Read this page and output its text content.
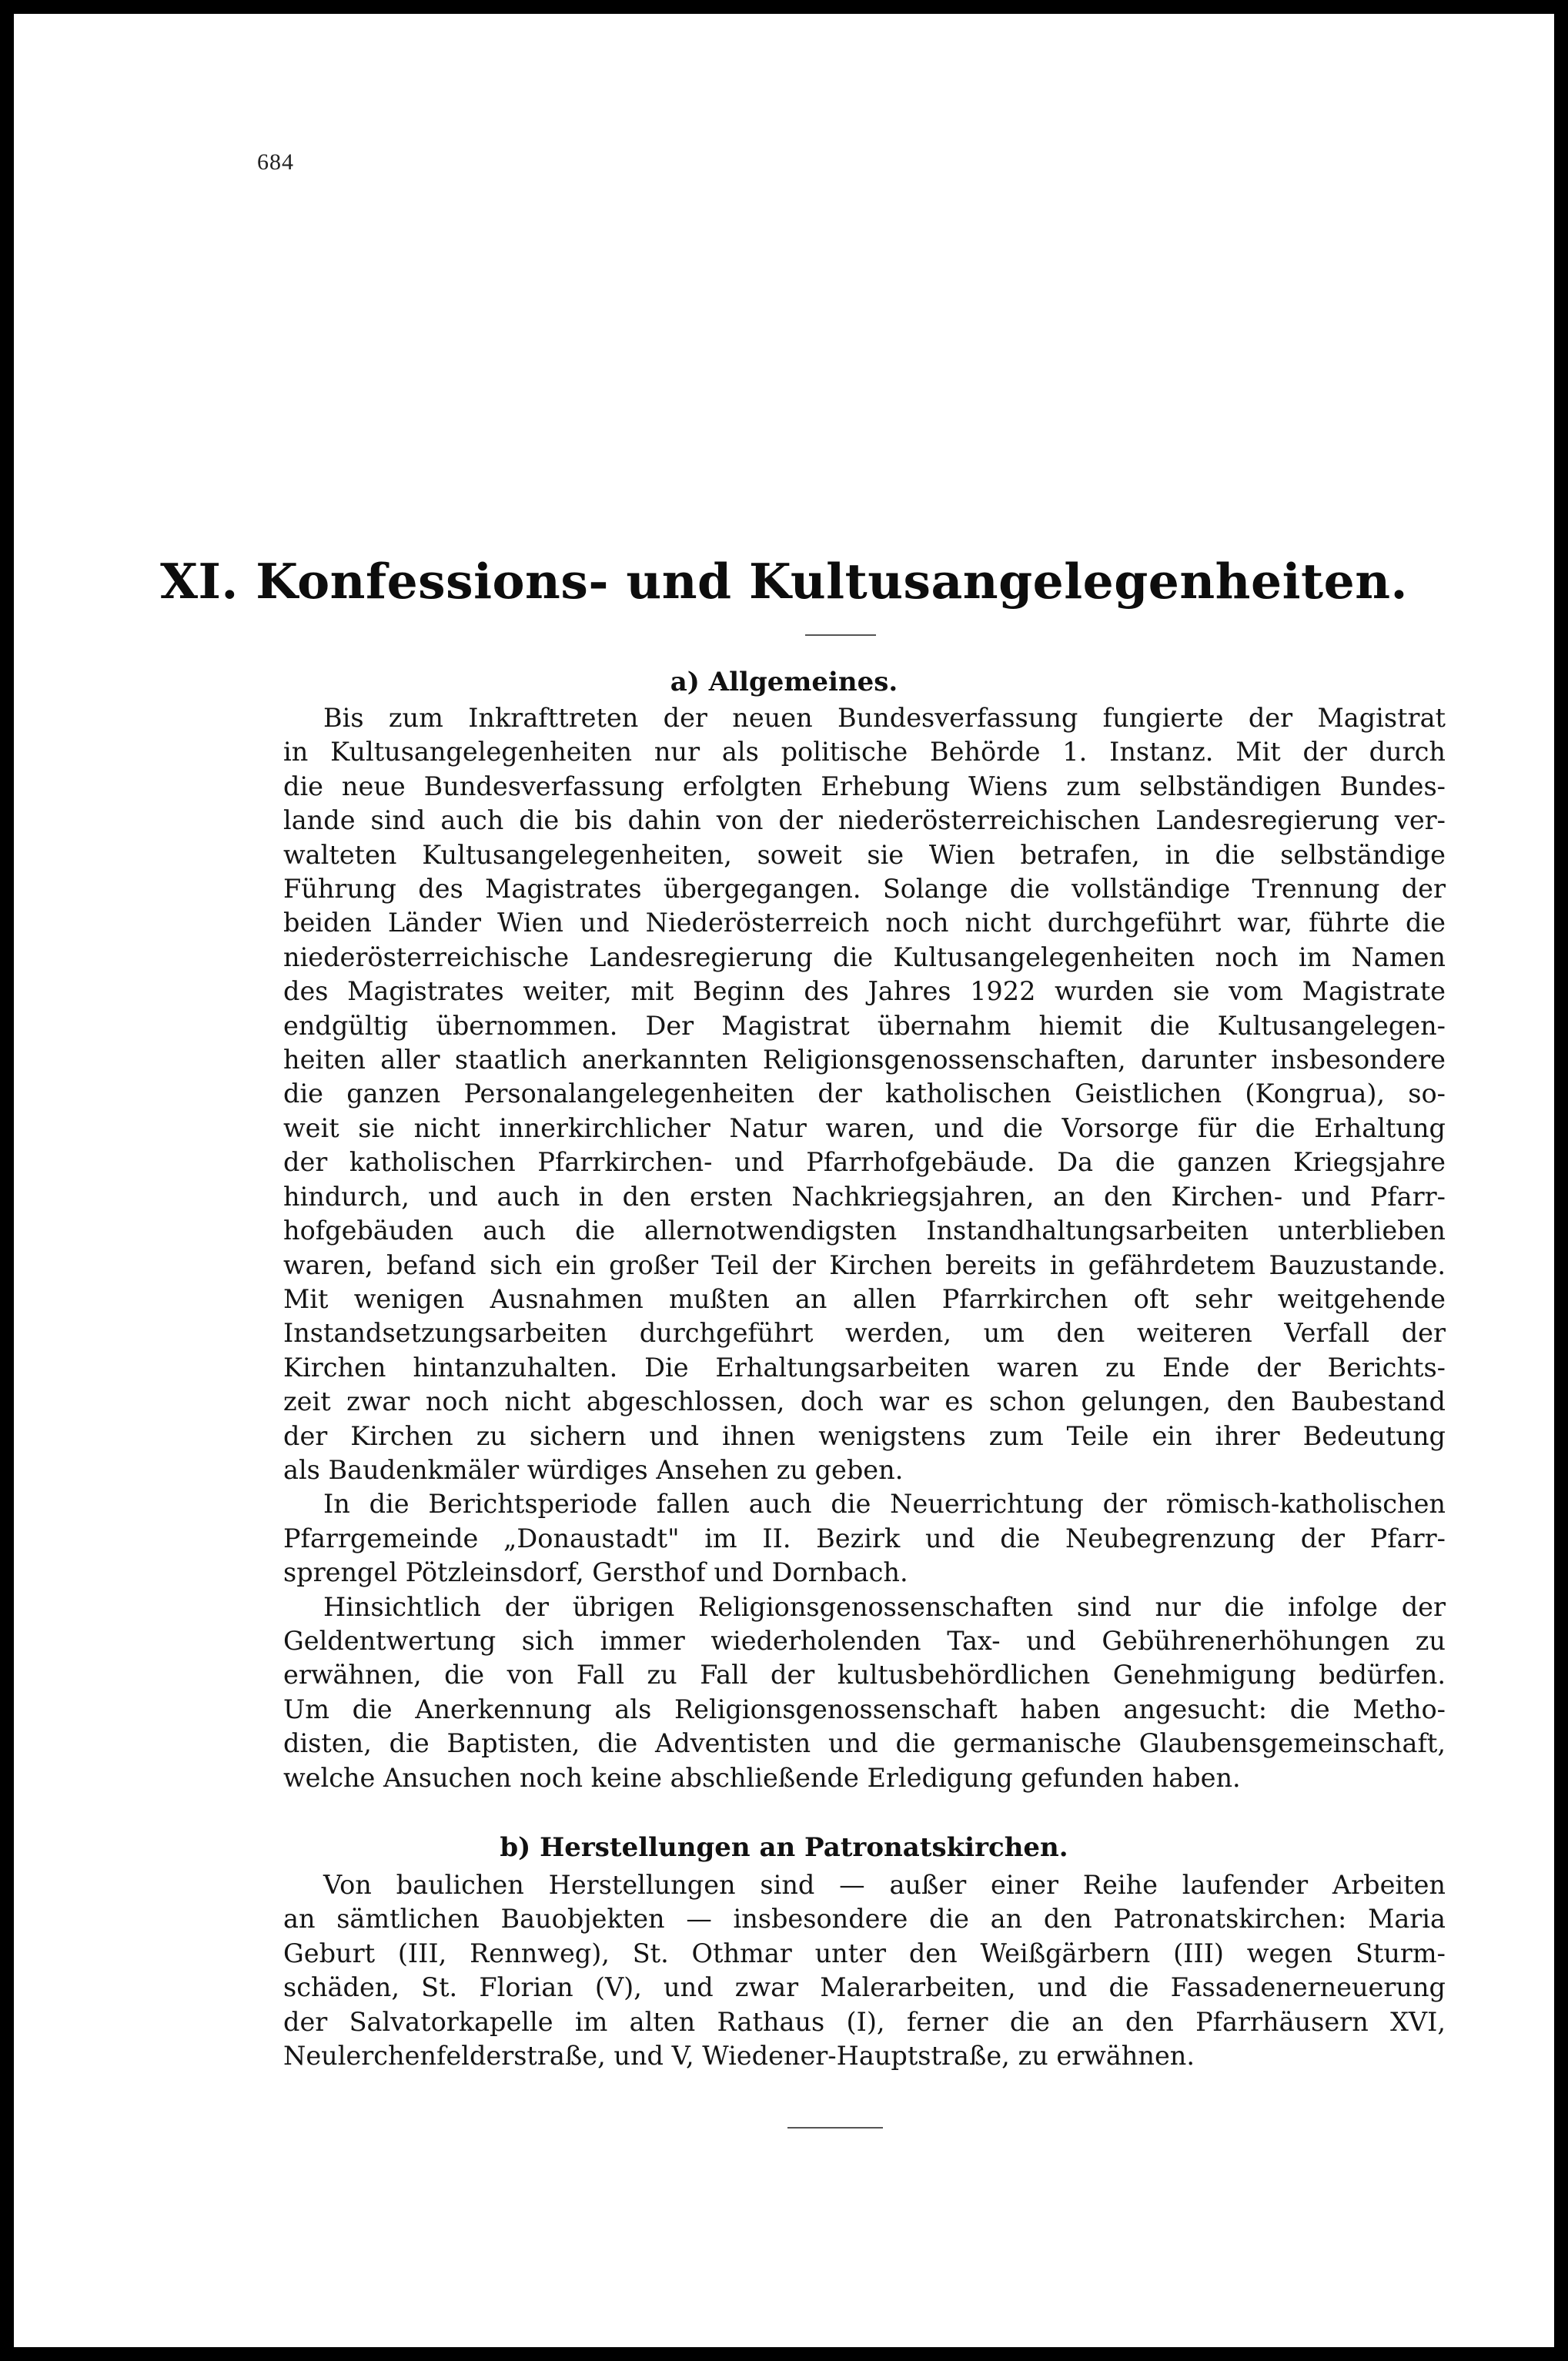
684
XI. Konfessions- und Kultusangelegenheiten.
a) Allgemeines.
Bis zum Inkrafttreten der neuen Bundesverfassung fungierte der Magistrat
in Kultusangelegenheiten nur als politische Behörde 1. Instanz. Mit der durch
die neue Bundesverfassung erfolgten Erhebung Wiens zum selbständigen Bundes-
lande sind auch die bis dahin von der niederösterreichischen Landesregierung ver-
walteten Kultusangelegenheiten, soweit sie Wien betrafen, in die selbständige
Führung des Magistrates übergegangen. Solange die vollständige Trennung der
beiden Länder Wien und Niederösterreich noch nicht durchgeführt war, führte die
niederösterreichische Landesregierung die Kultusangelegenheiten noch im Namen
des Magistrates weiter, mit Beginn des Jahres 1922 wurden sie vom Magistrate
endgültig übernommen. Der Magistrat übernahm hiemit die Kultusangelegen-
heiten aller staatlich anerkannten Religionsgenossenschaften, darunter insbesondere
die ganzen Personalangelegenheiten der katholischen Geistlichen (Kongrua), so-
weit sie nicht innerkirchlicher Natur waren, und die Vorsorge für die Erhaltung
der katholischen Pfarrkirchen- und Pfarrhofgebäude. Da die ganzen Kriegsjahre
hindurch, und auch in den ersten Nachkriegsjahren, an den Kirchen- und Pfarr-
hofgebäuden auch die allernotwendigsten Instandhaltungsarbeiten unterblieben
waren, befand sich ein großer Teil der Kirchen bereits in gefährdetem Bauzustande.
Mit wenigen Ausnahmen mußten an allen Pfarrkirchen oft sehr weitgehende
Instandsetzungsarbeiten durchgeführt werden, um den weiteren Verfall der
Kirchen hintanzuhalten. Die Erhaltungsarbeiten waren zu Ende der Berichts-
zeit zwar noch nicht abgeschlossen, doch war es schon gelungen, den Baubestand
der Kirchen zu sichern und ihnen wenigstens zum Teile ein ihrer Bedeutung
als Baudenkmäler würdiges Ansehen zu geben.
In die Berichtsperiode fallen auch die Neuerrichtung der römisch-katholischen
Pfarrgemeinde „Donaustadt" im II. Bezirk und die Neubegrenzung der Pfarr-
sprengel Pötzleinsdorf, Gersthof und Dornbach.
Hinsichtlich der übrigen Religionsgenossenschaften sind nur die infolge der
Geldentwertung sich immer wiederholenden Tax- und Gebührenerhöhungen zu
erwähnen, die von Fall zu Fall der kultusbehördlichen Genehmigung bedürfen.
Um die Anerkennung als Religionsgenossenschaft haben angesucht: die Metho-
disten, die Baptisten, die Adventisten und die germanische Glaubensgemeinschaft,
welche Ansuchen noch keine abschließende Erledigung gefunden haben.
b) Herstellungen an Patronatskirchen.
Von baulichen Herstellungen sind — außer einer Reihe laufender Arbeiten
an sämtlichen Bauobjekten — insbesondere die an den Patronatskirchen: Maria
Geburt (III, Rennweg), St. Othmar unter den Weißgärbern (III) wegen Sturm-
schäden, St. Florian (V), und zwar Malerarbeiten, und die Fassadenerneuerung
der Salvatorkapelle im alten Rathaus (I), ferner die an den Pfarrhäusern XVI,
Neulerchenfelderstraße, und V, Wiedener-Hauptstraße, zu erwähnen.
